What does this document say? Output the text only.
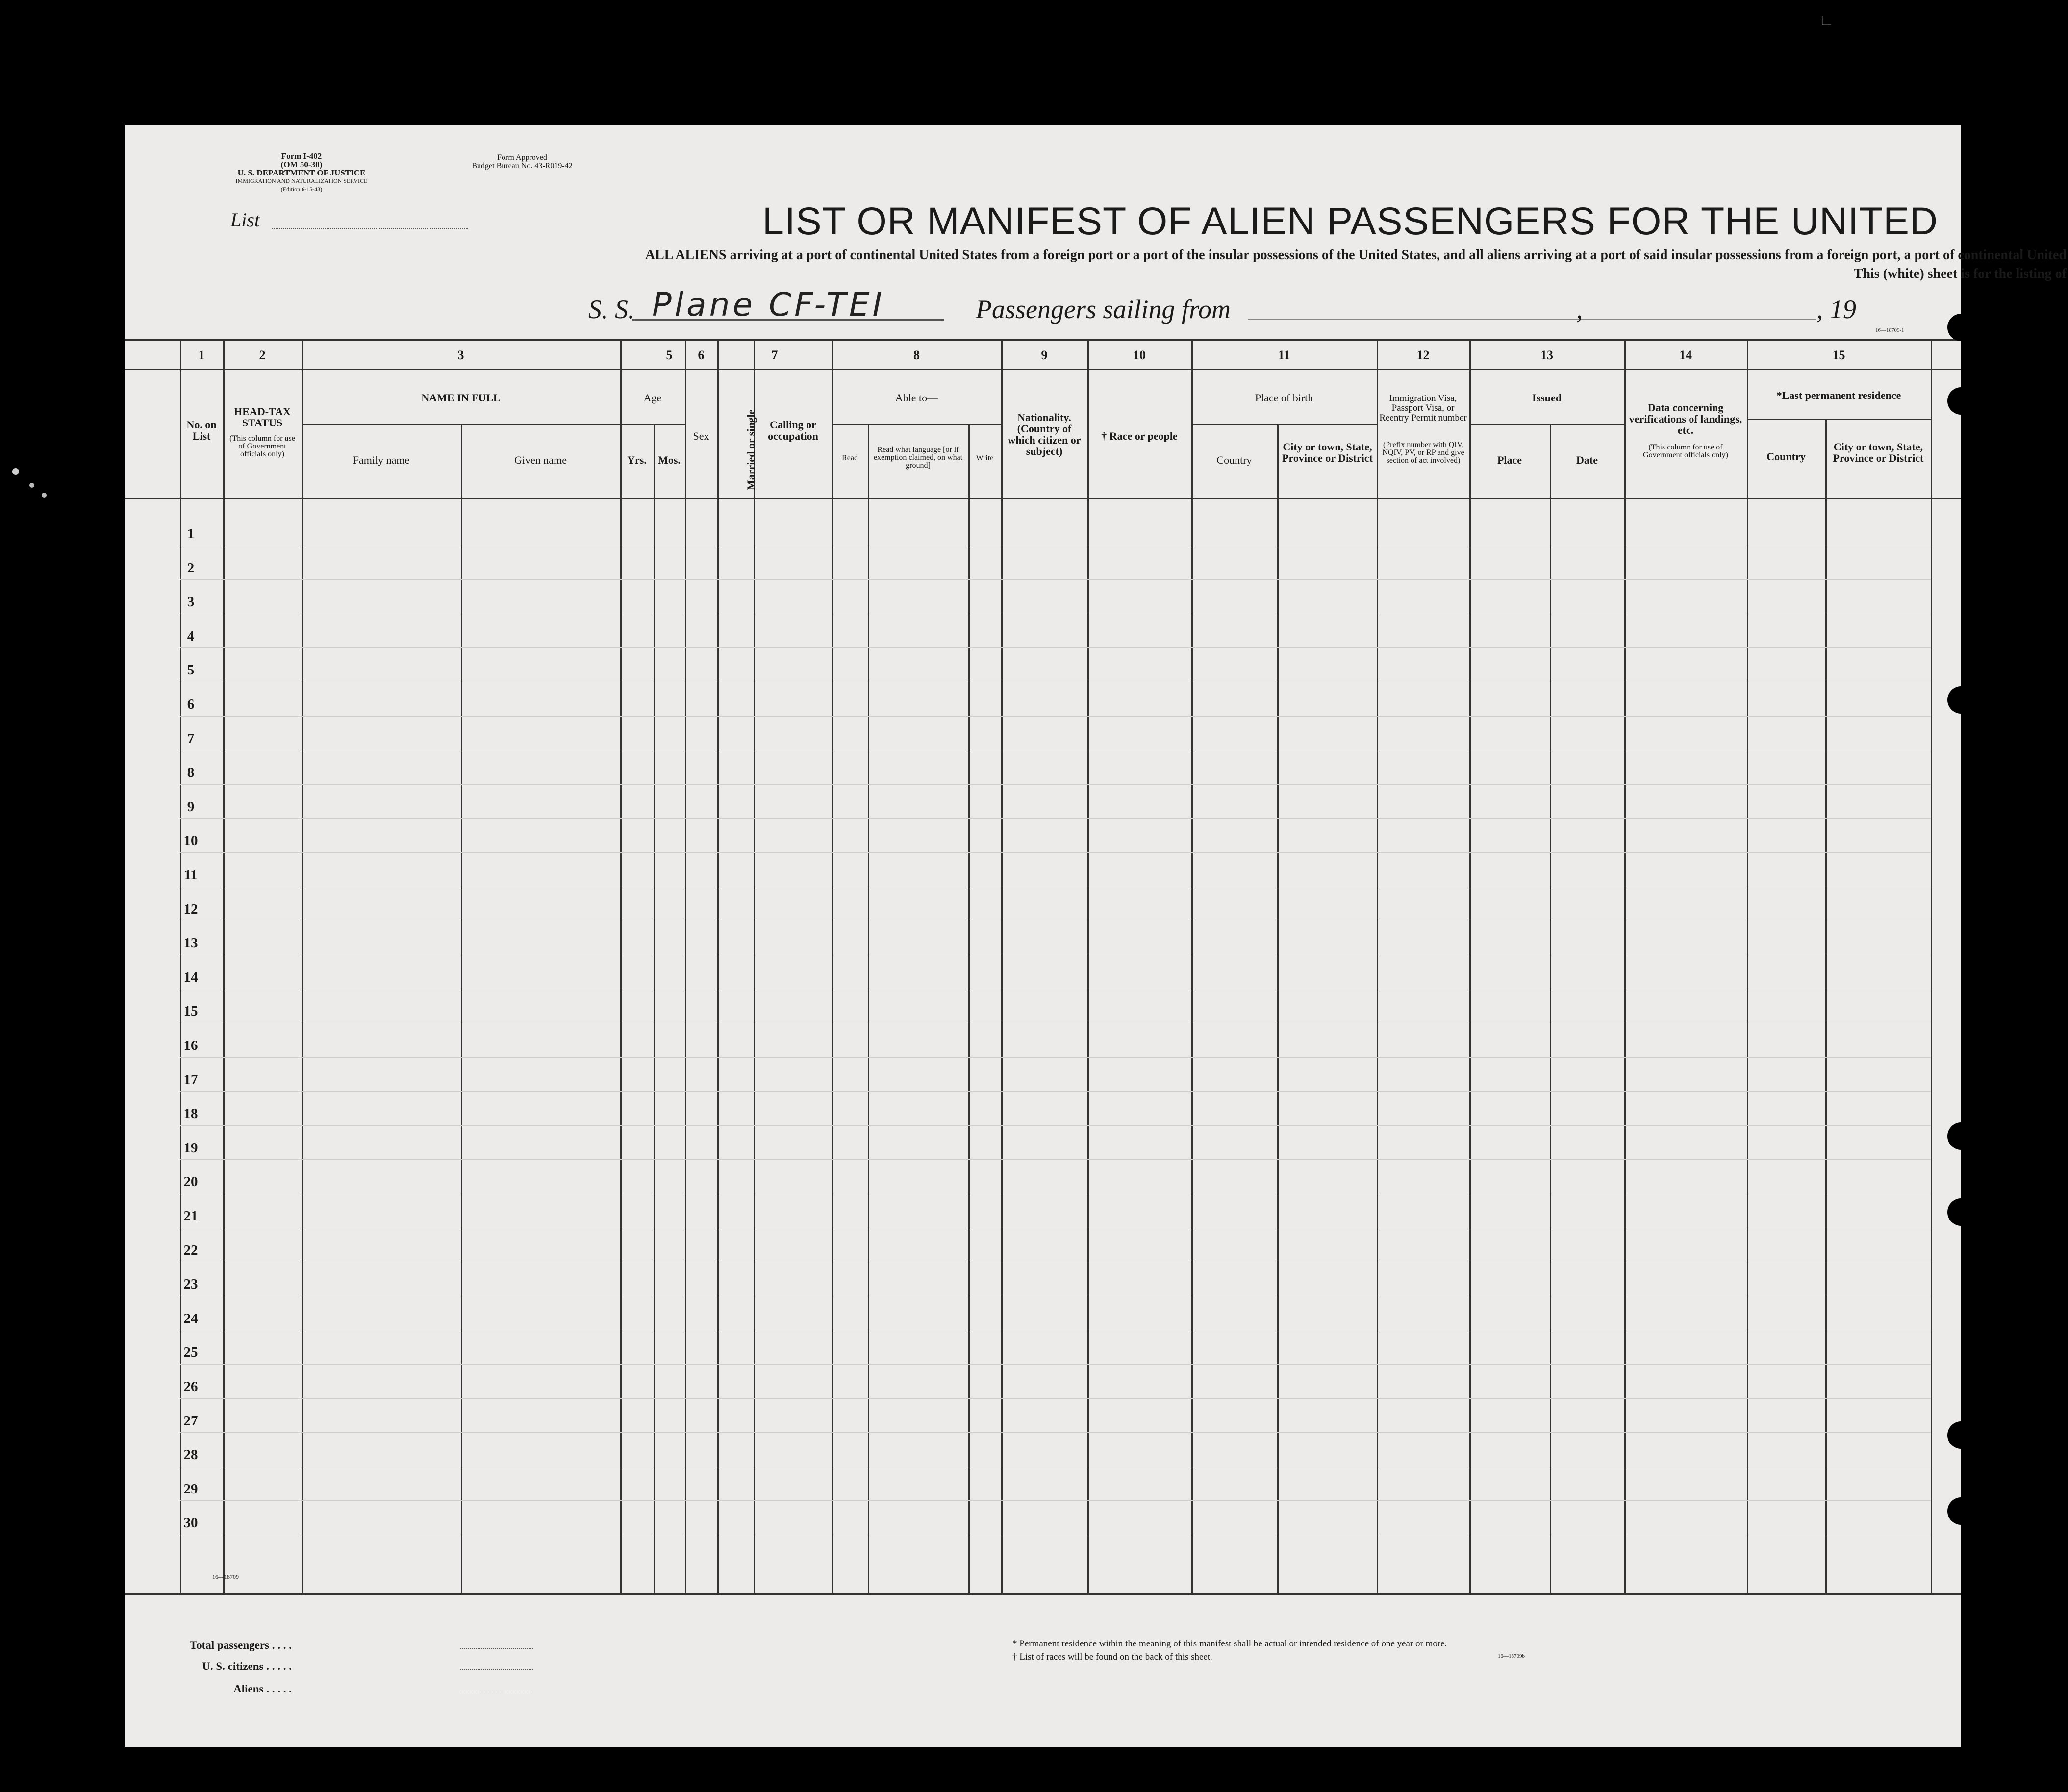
Form I-402
(OM 50-30)
U. S. DEPARTMENT OF JUSTICE
IMMIGRATION AND NATURALIZATION SERVICE
(Edition 6-15-43)
Form Approved
Budget Bureau No. 43-R019-42
List	LIST OR MANIFEST OF ALIEN PASSENGERS FOR THE UNITED
ALL ALIENS arriving at a port of continental United States from a foreign port or a port of the insular possessions of the United States, and all aliens arriving at a port of said insular possessions from a foreign port, a port of continental United
This (white) sheet is for the listing of
S. S. Plane CF-TEI	Passengers sailing from	,	, 19
16—18709-1
1	2	3	5	6	7	8	9	10	11	12	13	14	15
No. on List
HEAD-TAX STATUS
(This column for use of Government officials only)
NAME IN FULL
Family name	Given name
Age
Yrs.	Mos.
Sex	Married or single	Calling or occupation
Able to—
Read
Read what language [or if exemption claimed, on what ground]
Write
Nationality. (Country of which citizen or subject)
† Race or people
Place of birth
Country
City or town, State, Province or District
Immigration Visa, Passport Visa, or Reentry Permit number
(Prefix number with QIV, NQIV, PV, or RP and give section of act involved)
Issued
Place	Date
Data concerning verifications of landings, etc.
(This column for use of Government officials only)
*Last permanent residence
Country
City or town, State, Province or District
1
2
3
4
5
6
7
8
9
10
11
12
13
14
15
16
17
18
19
20
21
22
23
24
25
26
27
28
29
30
16—18709
Total passengers . . . .
U. S. citizens . . . . .
Aliens . . . . .
* Permanent residence within the meaning of this manifest shall be actual or intended residence of one year or more.
† List of races will be found on the back of this sheet.	16—18709b
∟
